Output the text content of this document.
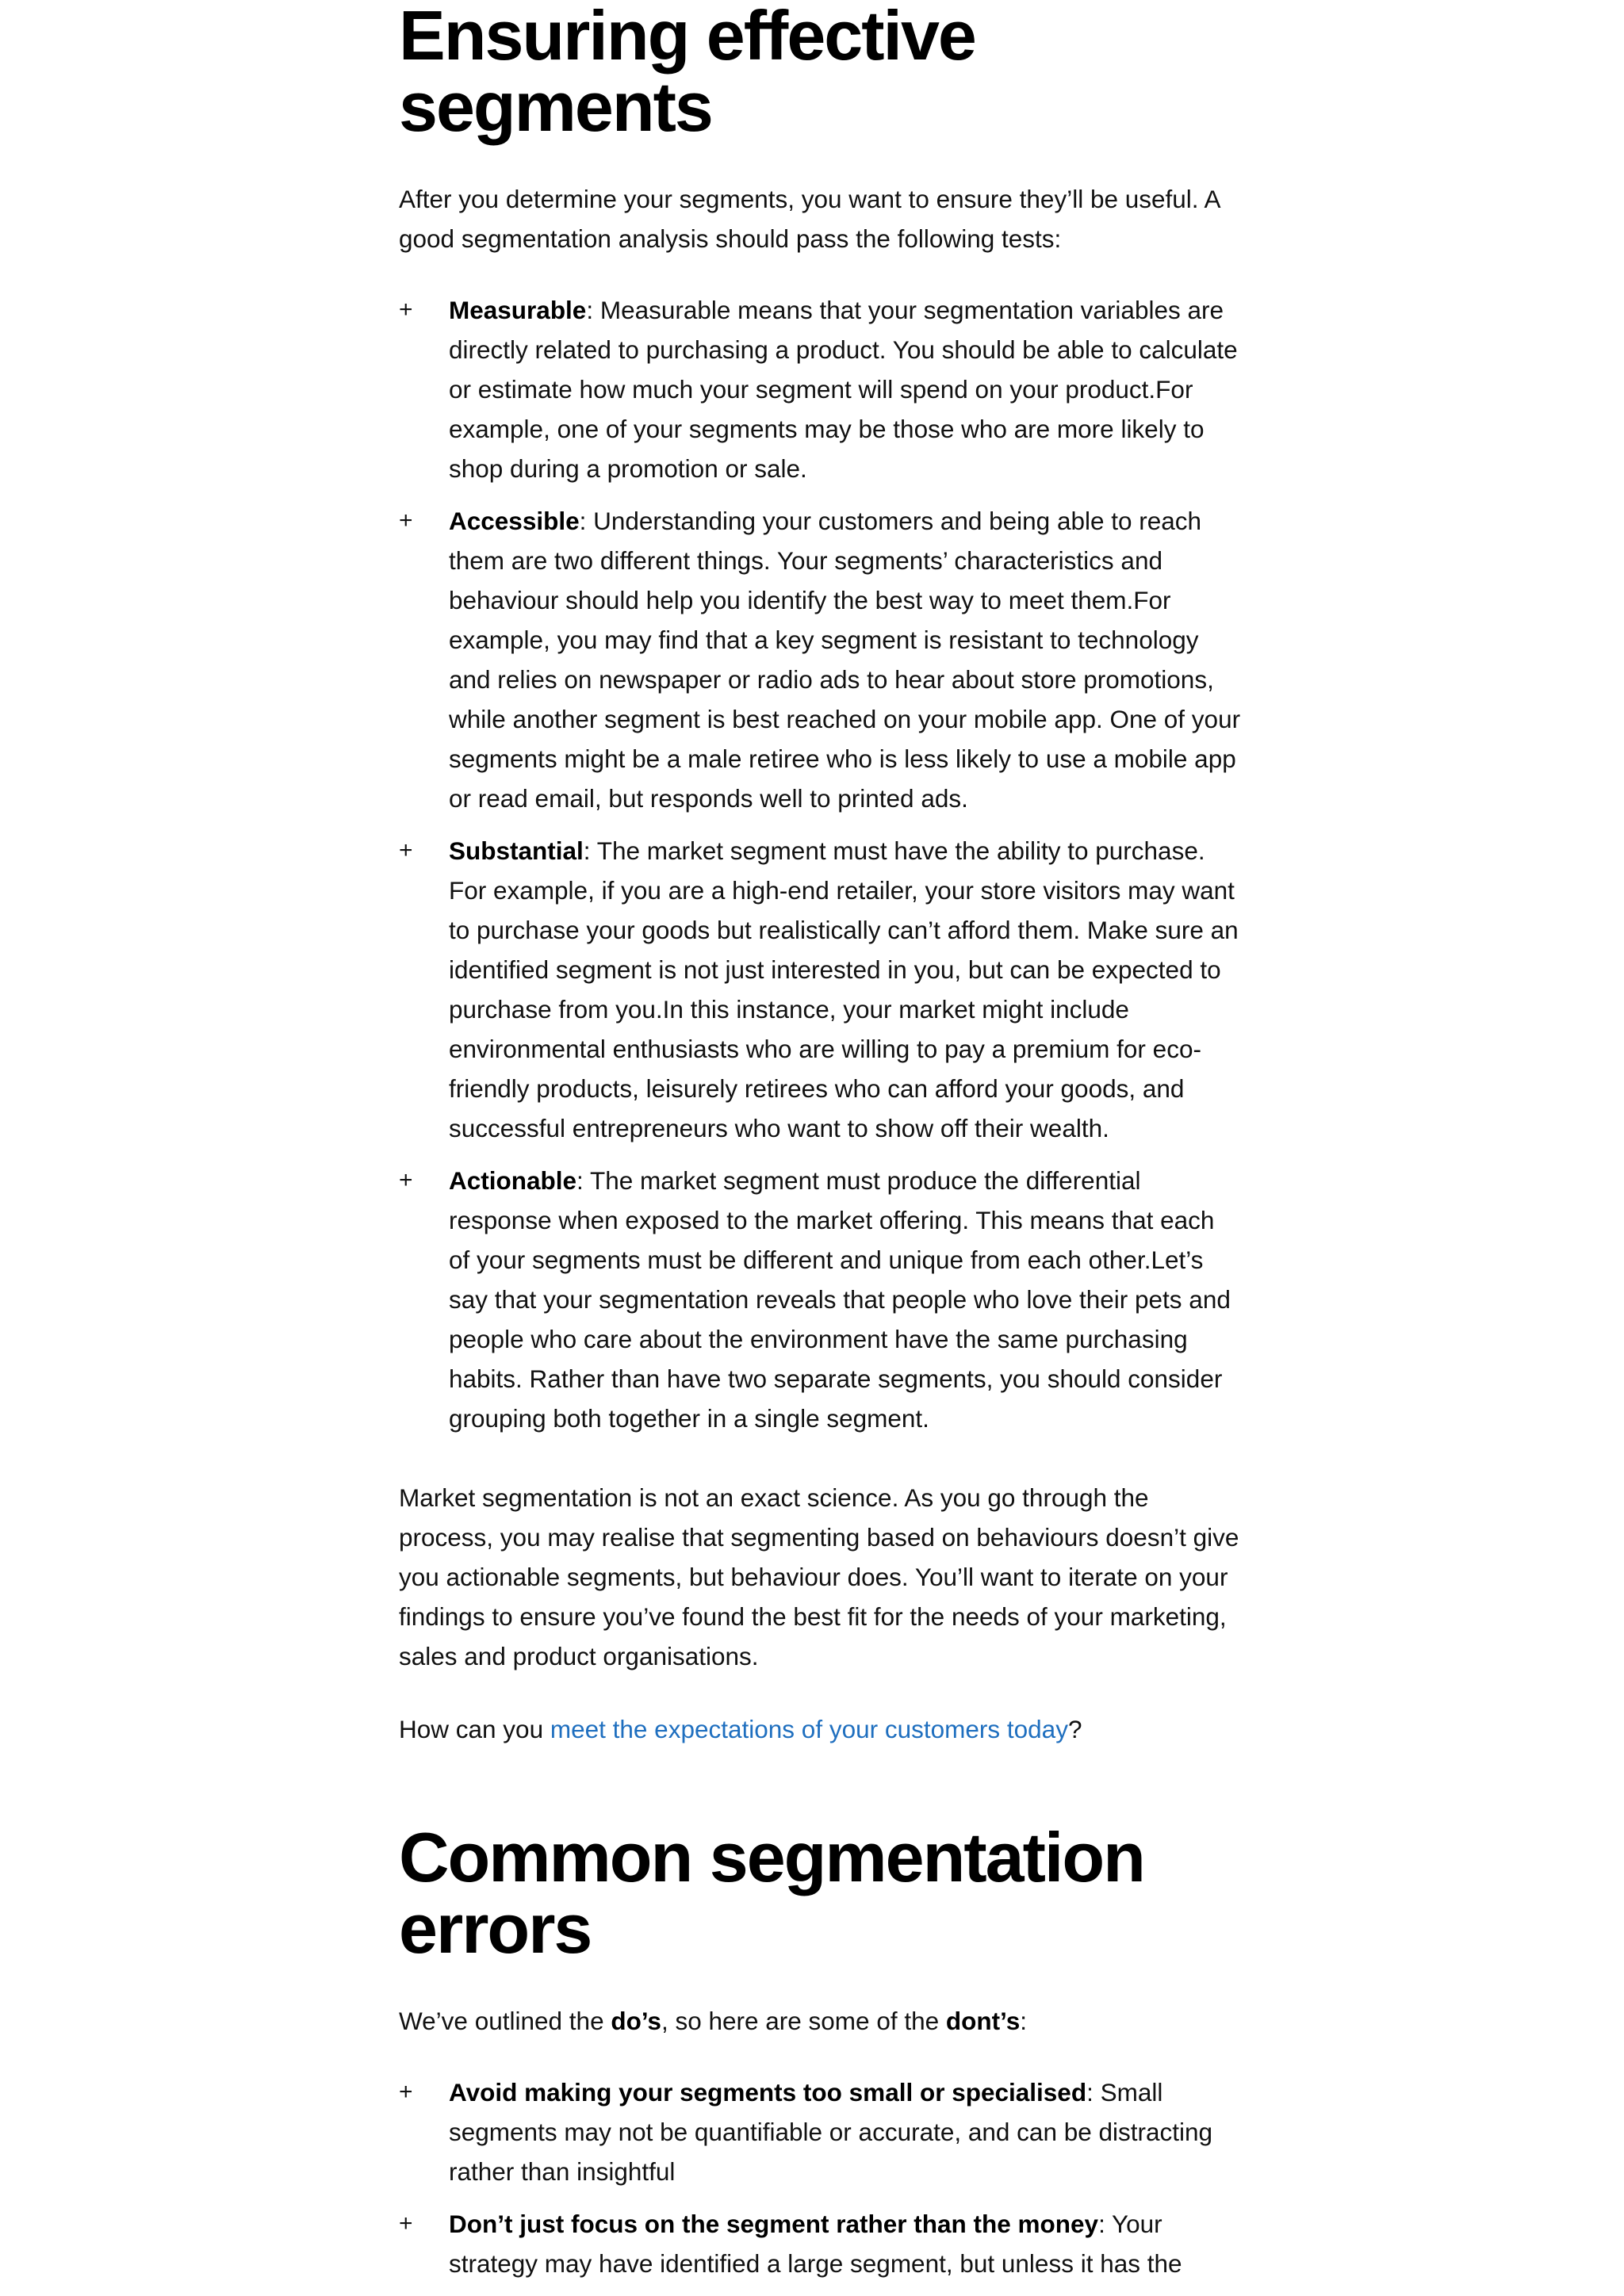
Ensuring effective segments

After you determine your segments, you want to ensure they’ll be useful. A good segmentation analysis should pass the following tests:

+ Measurable: Measurable means that your segmentation variables are directly related to purchasing a product. You should be able to calculate or estimate how much your segment will spend on your product.For example, one of your segments may be those who are more likely to shop during a promotion or sale.
+ Accessible: Understanding your customers and being able to reach them are two different things. Your segments’ characteristics and behaviour should help you identify the best way to meet them.For example, you may find that a key segment is resistant to technology and relies on newspaper or radio ads to hear about store promotions, while another segment is best reached on your mobile app. One of your segments might be a male retiree who is less likely to use a mobile app or read email, but responds well to printed ads.
+ Substantial: The market segment must have the ability to purchase. For example, if you are a high-end retailer, your store visitors may want to purchase your goods but realistically can’t afford them. Make sure an identified segment is not just interested in you, but can be expected to purchase from you.In this instance, your market might include environmental enthusiasts who are willing to pay a premium for eco-friendly products, leisurely retirees who can afford your goods, and successful entrepreneurs who want to show off their wealth.
+ Actionable: The market segment must produce the differential response when exposed to the market offering. This means that each of your segments must be different and unique from each other.Let’s say that your segmentation reveals that people who love their pets and people who care about the environment have the same purchasing habits. Rather than have two separate segments, you should consider grouping both together in a single segment.

Market segmentation is not an exact science. As you go through the process, you may realise that segmenting based on behaviours doesn’t give you actionable segments, but behaviour does. You’ll want to iterate on your findings to ensure you’ve found the best fit for the needs of your marketing, sales and product organisations.

How can you meet the expectations of your customers today?

Common segmentation errors

We’ve outlined the do’s, so here are some of the dont’s:

+ Avoid making your segments too small or specialised: Small segments may not be quantifiable or accurate, and can be distracting rather than insightful
+ Don’t just focus on the segment rather than the money: Your strategy may have identified a large segment, but unless it has the
